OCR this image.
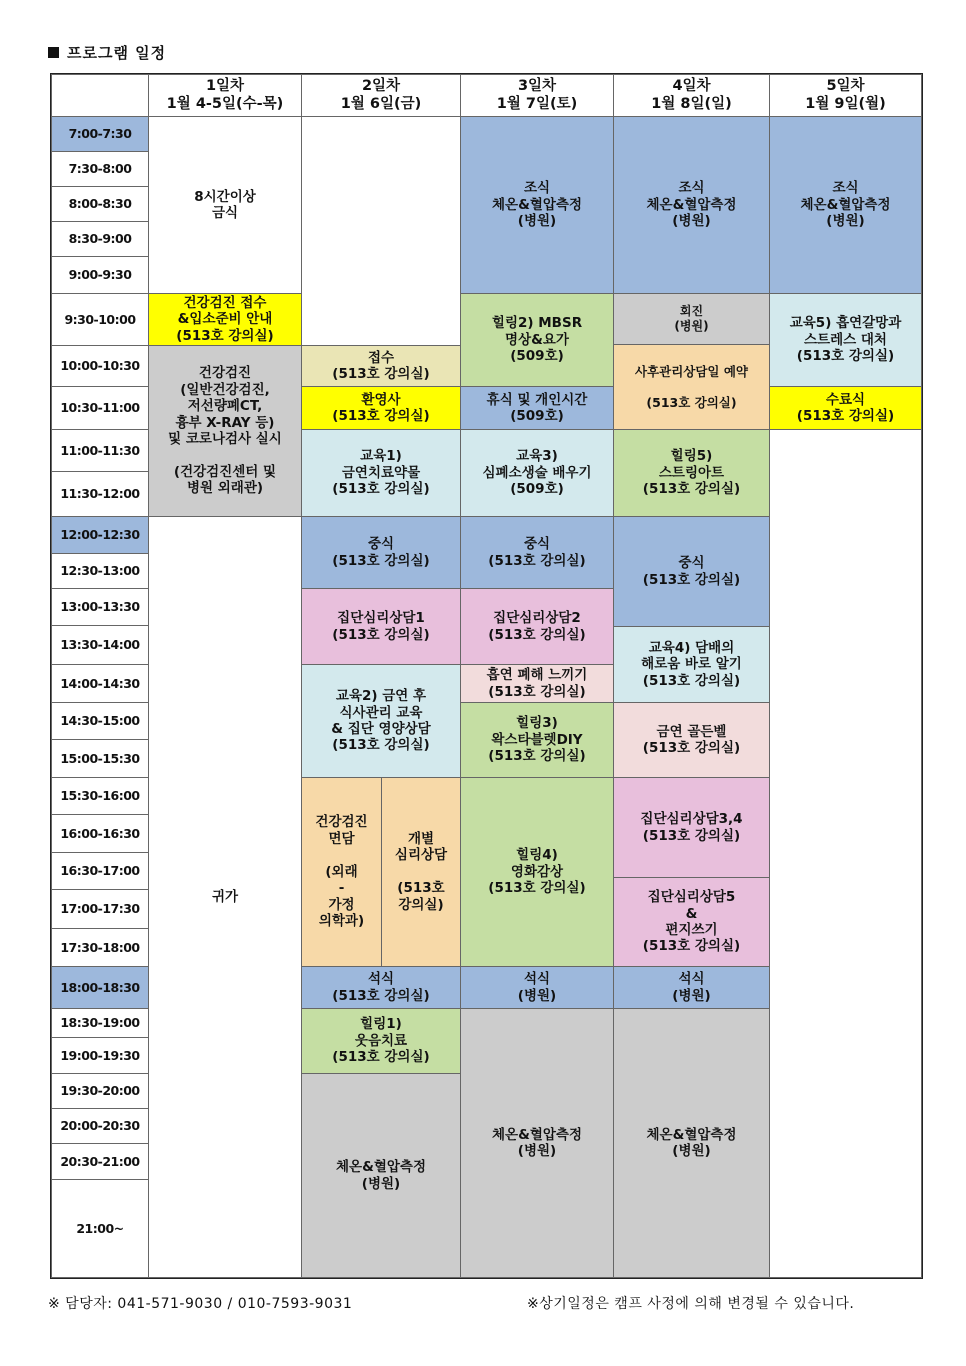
프로그램 일정
1일차
1월 4-5일(수-목)
2일차
1월 6일(금)
3일차
1월 7일(토)
4일차
1월 8일(일)
5일차
1월 9일(월)
7:00-7:30
7:30-8:00
8:00-8:30
8:30-9:00
9:00-9:30
9:30-10:00
10:00-10:30
10:30-11:00
11:00-11:30
11:30-12:00
12:00-12:30
12:30-13:00
13:00-13:30
13:30-14:00
14:00-14:30
14:30-15:00
15:00-15:30
15:30-16:00
16:00-16:30
16:30-17:00
17:00-17:30
17:30-18:00
18:00-18:30
18:30-19:00
19:00-19:30
19:30-20:00
20:00-20:30
20:30-21:00
21:00~
8시간이상
금식
건강검진 접수
&입소준비 안내
(513호 강의실)
건강검진
(일반건강검진,
저선량폐CT,
흉부 X-RAY 등)
및 코로나검사 실시

(건강검진센터 및
병원 외래관)
귀가
접수
(513호 강의실)
환영사
(513호 강의실)
교육1)
금연치료약물
(513호 강의실)
중식
(513호 강의실)
집단심리상담1
(513호 강의실)
교육2) 금연 후
식사관리 교육
& 집단 영양상담
(513호 강의실)
건강검진
면담

(외래
-
가정
의학과)
개별
심리상담

(513호
강의실)
석식
(513호 강의실)
힐링1)
웃음치료
(513호 강의실)
체온&혈압측정
(병원)
조식
체온&혈압측정
(병원)
힐링2) MBSR
명상&요가
(509호)
휴식 및 개인시간
(509호)
교육3)
심폐소생술 배우기
(509호)
중식
(513호 강의실)
집단심리상담2
(513호 강의실)
흡연 폐해 느끼기
(513호 강의실)
힐링3)
왁스타블렛DIY
(513호 강의실)
힐링4)
영화감상
(513호 강의실)
석식
(병원)
체온&혈압측정
(병원)
조식
체온&혈압측정
(병원)
회진
(병원)
사후관리상담일 예약

(513호 강의실)
힐링5)
스트링아트
(513호 강의실)
중식
(513호 강의실)
교육4) 담배의
해로움 바로 알기
(513호 강의실)
금연 골든벨
(513호 강의실)
집단심리상담3,4
(513호 강의실)
집단심리상담5
&
편지쓰기
(513호 강의실)
석식
(병원)
체온&혈압측정
(병원)
조식
체온&혈압측정
(병원)
교육5) 흡연갈망과
스트레스 대처
(513호 강의실)
수료식
(513호 강의실)
※ 담당자: 041-571-9030 / 010-7593-9031	※상기일정은 캠프 사정에 의해 변경될 수 있습니다.
